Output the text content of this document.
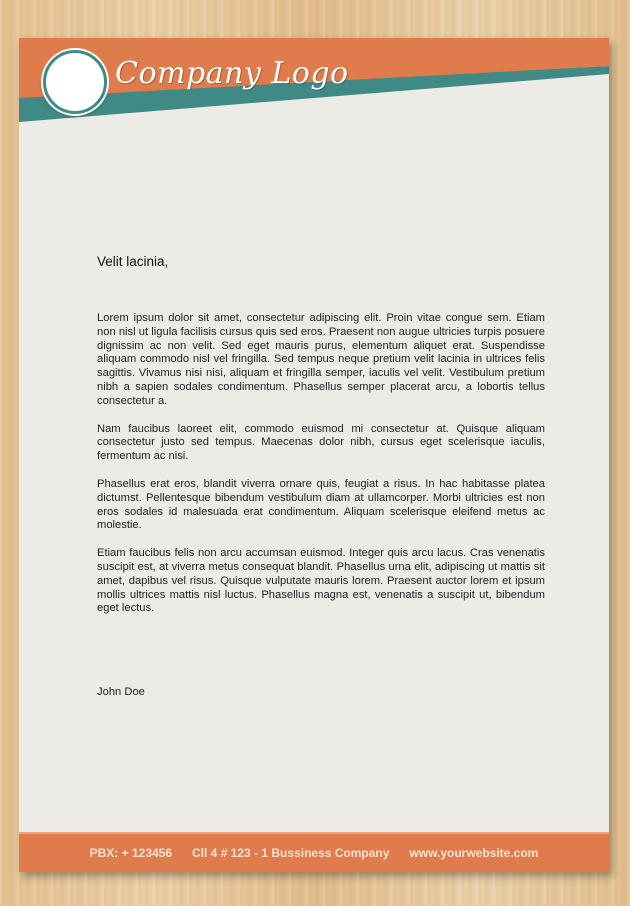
Company Logo

Velit lacinia,

Lorem ipsum dolor sit amet, consectetur adipiscing elit. Proin vitae congue sem. Etiam non nisl ut ligula facilisis cursus quis sed eros. Praesent non augue ultricies turpis posuere dignissim ac non velit. Sed eget mauris purus, elementum aliquet erat. Suspendisse aliquam commodo nisl vel fringilla. Sed tempus neque pretium velit lacinia in ultrices felis sagittis. Vivamus nisi nisi, aliquam et fringilla semper, iaculis vel velit. Vestibulum pretium nibh a sapien sodales condimentum. Phasellus semper placerat arcu, a lobortis tellus consectetur a.

Nam faucibus laoreet elit, commodo euismod mi consectetur at. Quisque aliquam consectetur justo sed tempus. Maecenas dolor nibh, cursus eget scelerisque iaculis, fermentum ac nisi.

Phasellus erat eros, blandit viverra ornare quis, feugiat a risus. In hac habitasse platea dictumst. Pellentesque bibendum vestibulum diam at ullamcorper. Morbi ultricies est non eros sodales id malesuada erat condimentum. Aliquam scelerisque eleifend metus ac molestie.

Etiam faucibus felis non arcu accumsan euismod. Integer quis arcu lacus. Cras venenatis suscipit est, at viverra metus consequat blandit. Phasellus urna elit, adipiscing ut mattis sit amet, dapibus vel risus. Quisque vulputate mauris lorem. Praesent auctor lorem et ipsum mollis ultrices mattis nisl luctus. Phasellus magna est, venenatis a suscipit ut, bibendum eget lectus.

John Doe
PBX: + 123456 Cll 4 # 123 - 1 Bussiness Company www.yourwebsite.com
